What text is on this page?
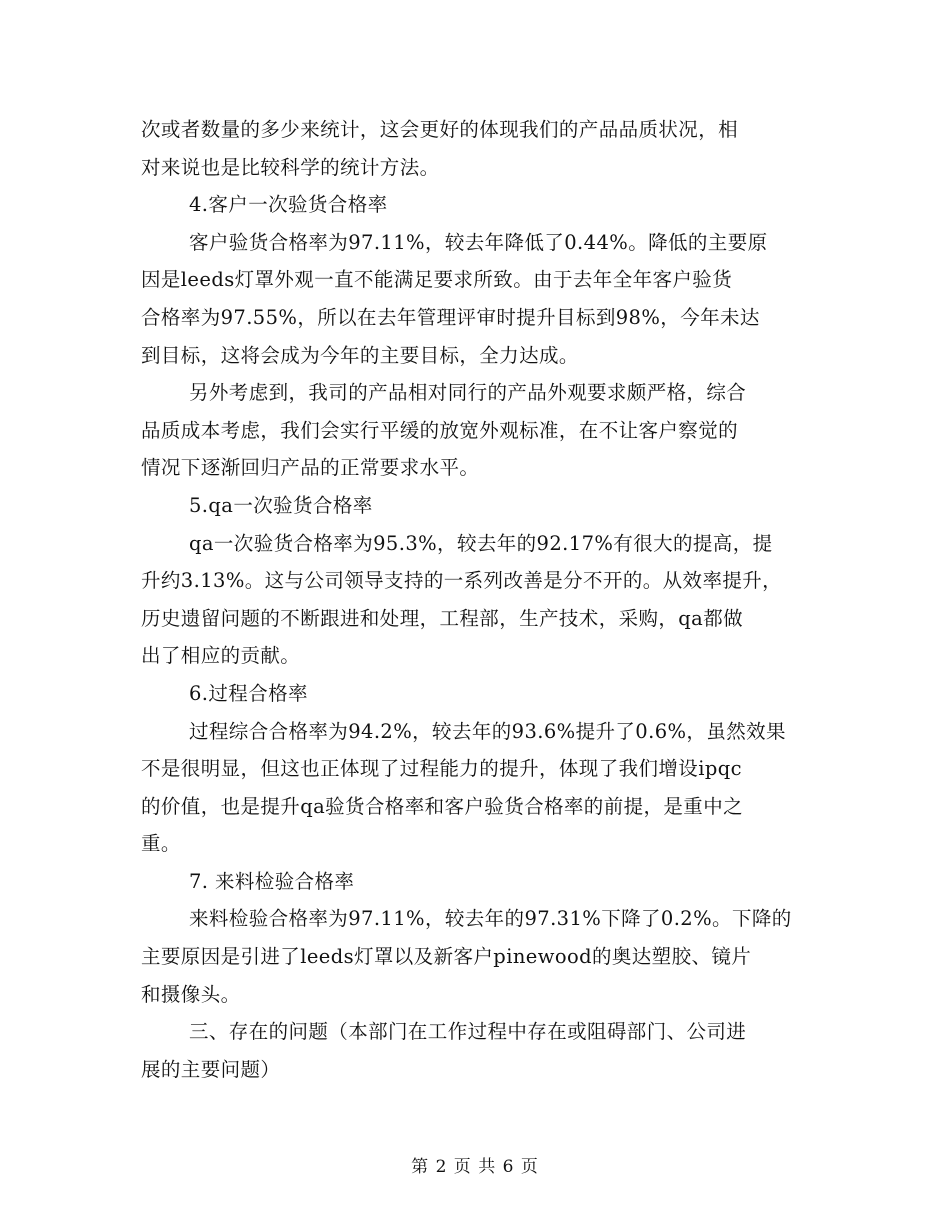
次或者数量的多少来统计，这会更好的体现我们的产品品质状况，相
对来说也是比较科学的统计方法。
4.客户一次验货合格率
客户验货合格率为97.11%，较去年降低了0.44%。降低的主要原
因是leeds灯罩外观一直不能满足要求所致。由于去年全年客户验货
合格率为97.55%，所以在去年管理评审时提升目标到98%，今年未达
到目标，这将会成为今年的主要目标，全力达成。
另外考虑到，我司的产品相对同行的产品外观要求颇严格，综合
品质成本考虑，我们会实行平缓的放宽外观标准，在不让客户察觉的
情况下逐渐回归产品的正常要求水平。
5.qa一次验货合格率
qa一次验货合格率为95.3%，较去年的92.17%有很大的提高，提
升约3.13%。这与公司领导支持的一系列改善是分不开的。从效率提升，
历史遗留问题的不断跟进和处理，工程部，生产技术，采购，qa都做
出了相应的贡献。
6.过程合格率
过程综合合格率为94.2%，较去年的93.6%提升了0.6%，虽然效果
不是很明显，但这也正体现了过程能力的提升，体现了我们增设ipqc
的价值，也是提升qa验货合格率和客户验货合格率的前提，是重中之
重。
7. 来料检验合格率
来料检验合格率为97.11%，较去年的97.31%下降了0.2%。下降的
主要原因是引进了leeds灯罩以及新客户pinewood的奥达塑胶、镜片
和摄像头。
三、存在的问题（本部门在工作过程中存在或阻碍部门、公司进
展的主要问题）
第 2 页 共 6 页
